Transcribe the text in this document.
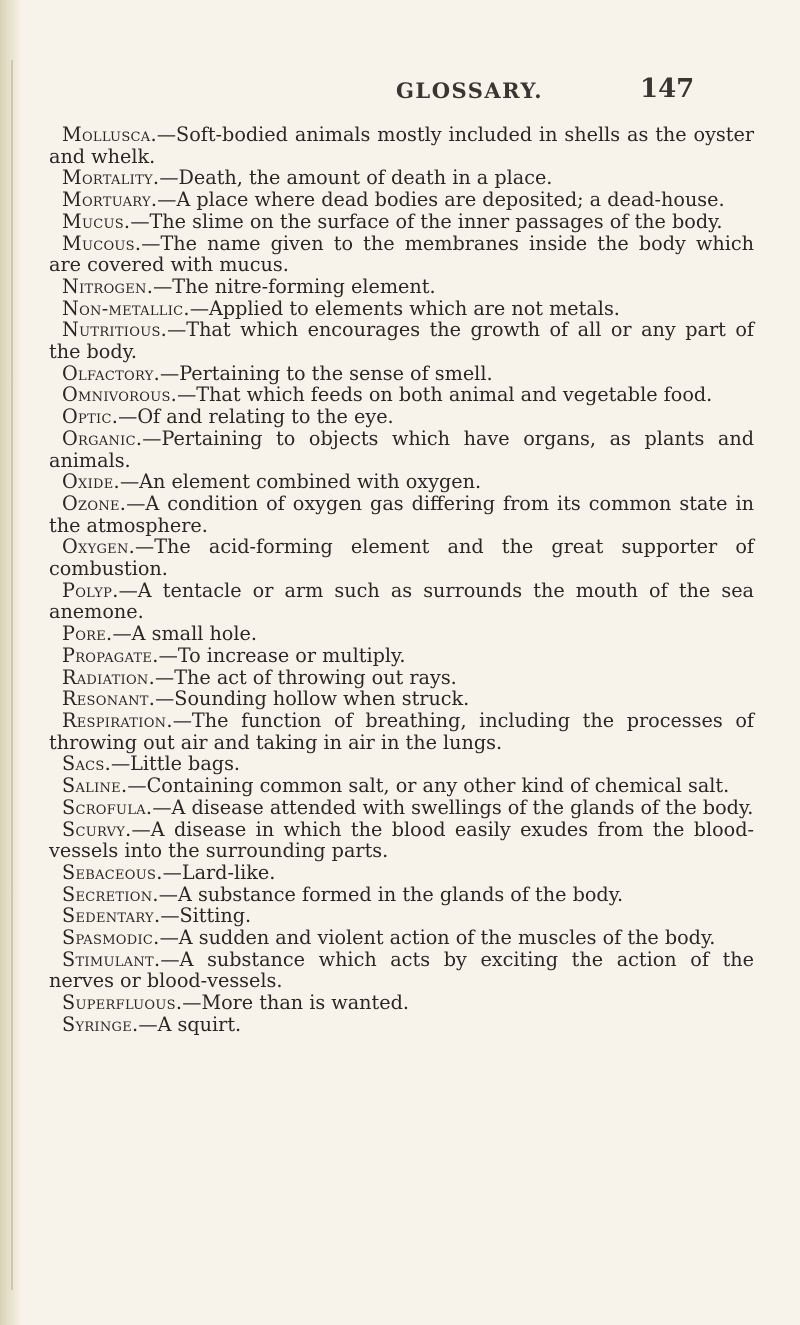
GLOSSARY.	147

Mollusca.—Soft-bodied animals mostly included in shells as the oyster and whelk.

Mortality.—Death, the amount of death in a place.

Mortuary.—A place where dead bodies are deposited; a dead-house.

Mucus.—The slime on the surface of the inner passages of the body.

Mucous.—The name given to the membranes inside the body which are covered with mucus.

Nitrogen.—The nitre-forming element.

Non-metallic.—Applied to elements which are not metals.

Nutritious.—That which encourages the growth of all or any part of the body.

Olfactory.—Pertaining to the sense of smell.

Omnivorous.—That which feeds on both animal and vegetable food.

Optic.—Of and relating to the eye.

Organic.—Pertaining to objects which have organs, as plants and animals.

Oxide.—An element combined with oxygen.

Ozone.—A condition of oxygen gas differing from its common state in the atmosphere.

Oxygen.—The acid-forming element and the great supporter of combustion.

Polyp.—A tentacle or arm such as surrounds the mouth of the sea anemone.

Pore.—A small hole.

Propagate.—To increase or multiply.

Radiation.—The act of throwing out rays.

Resonant.—Sounding hollow when struck.

Respiration.—The function of breathing, including the processes of throwing out air and taking in air in the lungs.

Sacs.—Little bags.

Saline.—Containing common salt, or any other kind of chemical salt.

Scrofula.—A disease attended with swellings of the glands of the body.

Scurvy.—A disease in which the blood easily exudes from the blood-vessels into the surrounding parts.

Sebaceous.—Lard-like.

Secretion.—A substance formed in the glands of the body.

Sedentary.—Sitting.

Spasmodic.—A sudden and violent action of the muscles of the body.

Stimulant.—A substance which acts by exciting the action of the nerves or blood-vessels.

Superfluous.—More than is wanted.

Syringe.—A squirt.
